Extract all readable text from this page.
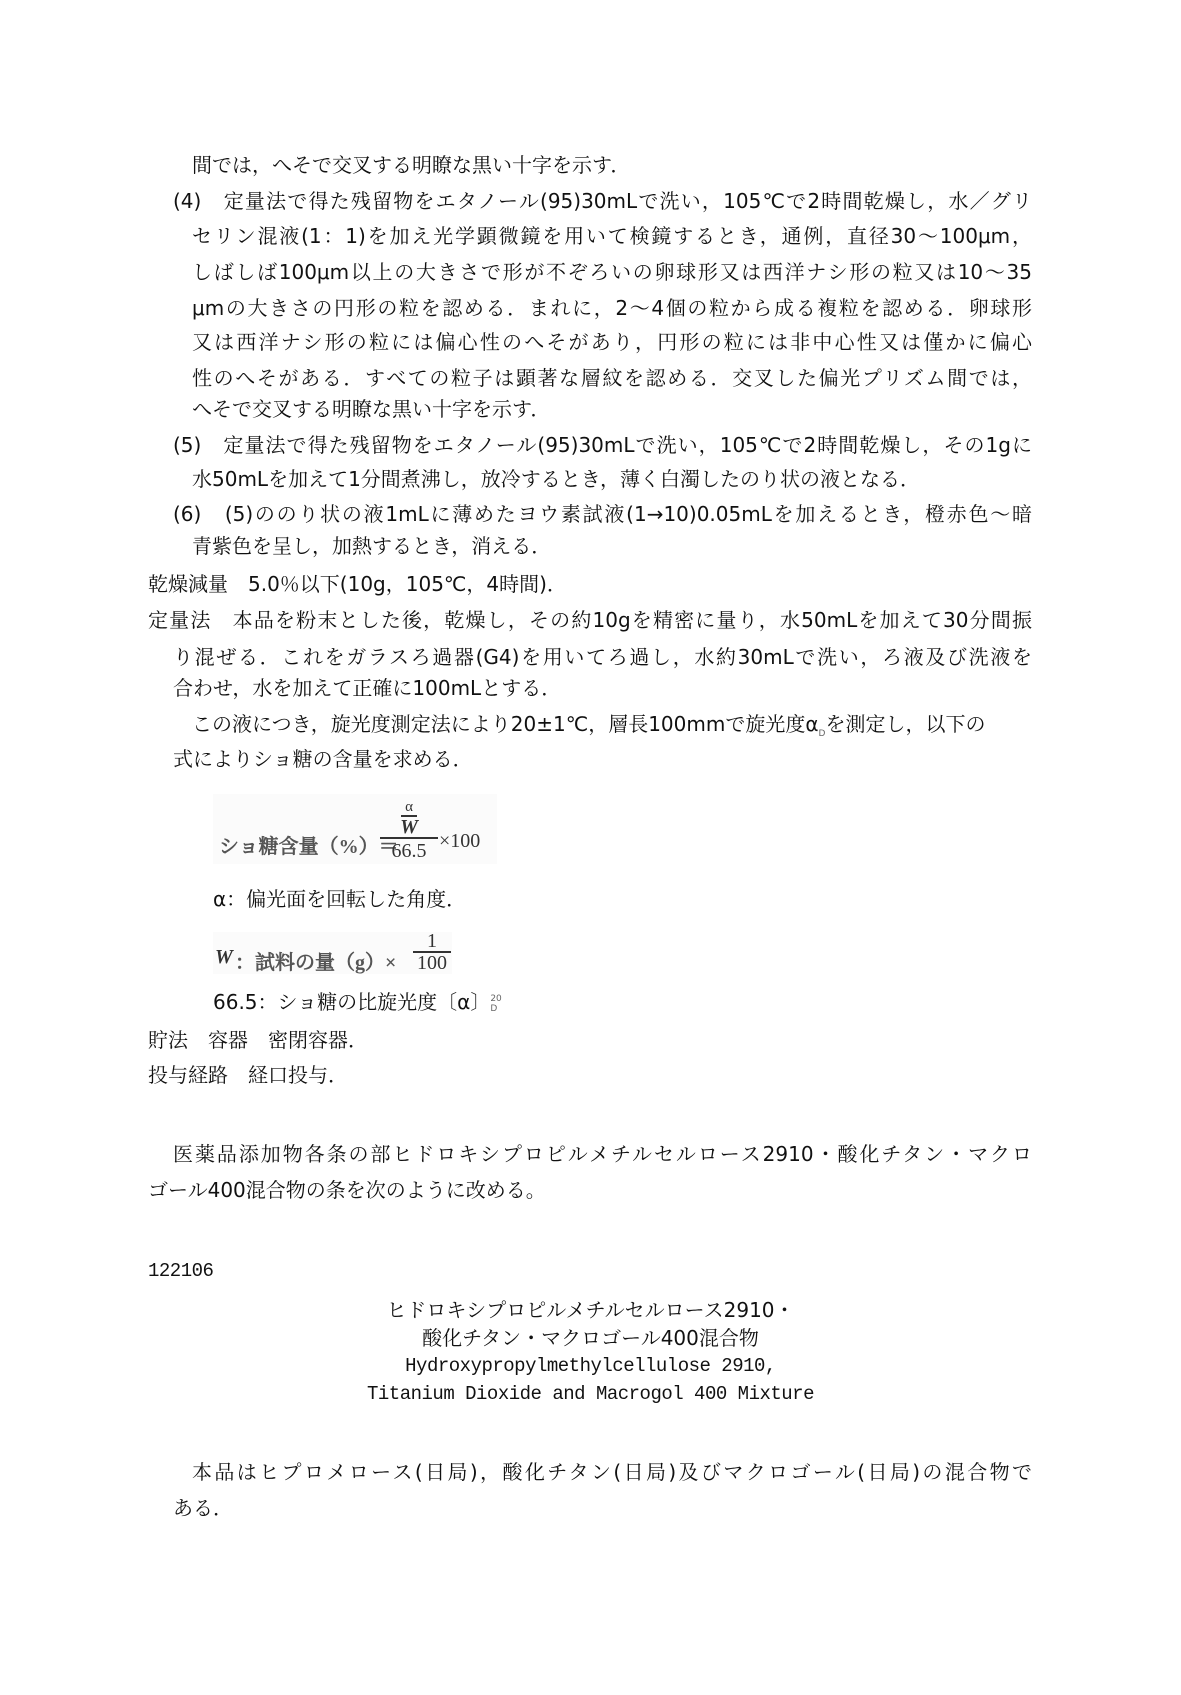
間では，へそで交叉する明瞭な黒い十字を示す．
(4)　定量法で得た残留物をエタノール(95)30mLで洗い，105℃で2時間乾燥し，水／グリ
セリン混液(1：1)を加え光学顕微鏡を用いて検鏡するとき，通例，直径30～100μm，
しばしば100μm以上の大きさで形が不ぞろいの卵球形又は西洋ナシ形の粒又は10～35
μmの大きさの円形の粒を認める．まれに，2～4個の粒から成る複粒を認める．卵球形
又は西洋ナシ形の粒には偏心性のへそがあり，円形の粒には非中心性又は僅かに偏心
性のへそがある．すべての粒子は顕著な層紋を認める．交叉した偏光プリズム間では，
へそで交叉する明瞭な黒い十字を示す．
(5)　定量法で得た残留物をエタノール(95)30mLで洗い，105℃で2時間乾燥し，その1gに
水50mLを加えて1分間煮沸し，放冷するとき，薄く白濁したのり状の液となる．
(6)　(5)ののり状の液1mLに薄めたヨウ素試液(1→10)0.05mLを加えるとき，橙赤色～暗
青紫色を呈し，加熱するとき，消える．
乾燥減量　5.0％以下(10g，105℃，4時間)．
定量法　本品を粉末とした後，乾燥し，その約10gを精密に量り，水50mLを加えて30分間振
り混ぜる．これをガラスろ過器(G4)を用いてろ過し，水約30mLで洗い，ろ液及び洗液を
合わせ，水を加えて正確に100mLとする．
この液につき，旋光度測定法により20±1℃，層長100mmで旋光度$\alpha_D$を測定し，以下の
式によりショ糖の含量を求める．
ショ糖含量（%）＝
α
W
66.5 ×100
α：偏光面を回転した角度．
W ：試料の量$(g)\times \frac{1}{100}$
66.5：ショ糖の比旋光度〔α〕20
D
貯法　容器　密閉容器．
投与経路　経口投与．
医薬品添加物各条の部ヒドロキシプロピルメチルセルロース2910・酸化チタン・マクロ
ゴール400混合物の条を次のように改める。
122106
ヒドロキシプロピルメチルセルロース2910・
酸化チタン・マクロゴール400混合物
Hydroxypropylmethylcellulose 2910,
Titanium Dioxide and Macrogol 400 Mixture
本品はヒプロメロース(日局)，酸化チタン(日局)及びマクロゴール(日局)の混合物で
ある．
